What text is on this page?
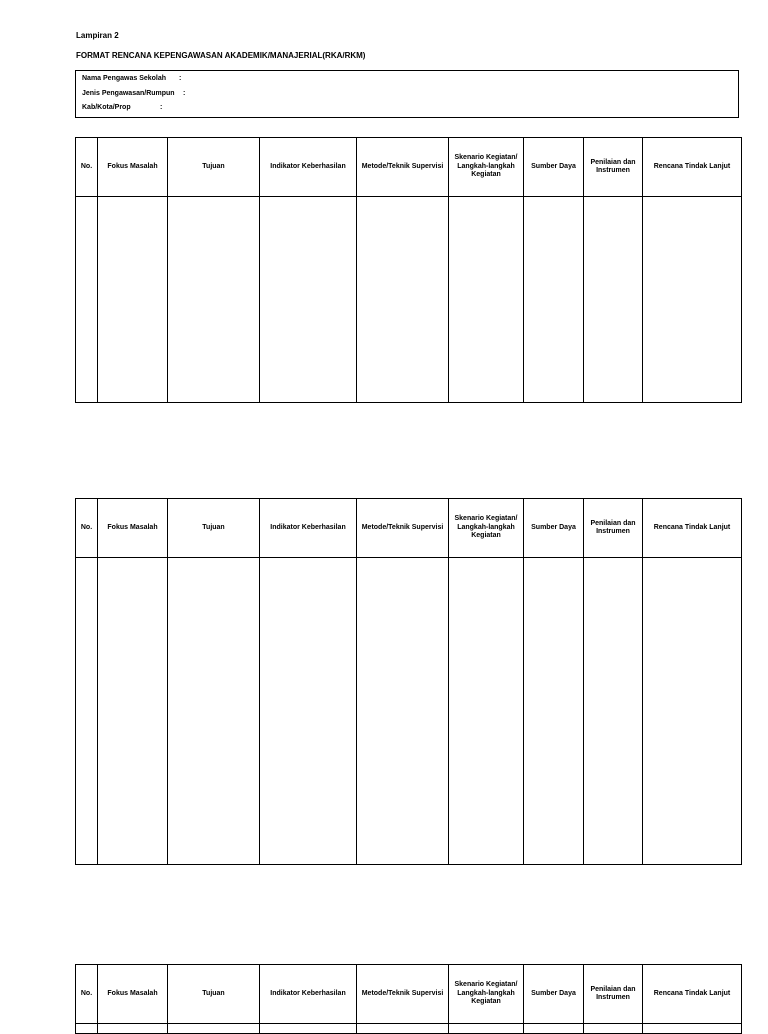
Lampiran 2
FORMAT RENCANA KEPENGAWASAN AKADEMIK/MANAJERIAL(RKA/RKM)
Nama Pengawas Sekolah :
Jenis Pengawasan/Rumpun :
Kab/Kota/Prop	:
No.	Fokus Masalah	Tujuan	Indikator Keberhasilan	Metode/Teknik Supervisi	Skenario Kegiatan/ Langkah-langkah Kegiatan	Sumber Daya	Penilaian dan Instrumen	Rencana Tindak Lanjut

No.	Fokus Masalah	Tujuan	Indikator Keberhasilan	Metode/Teknik Supervisi	Skenario Kegiatan/ Langkah-langkah Kegiatan	Sumber Daya	Penilaian dan Instrumen	Rencana Tindak Lanjut

No.	Fokus Masalah	Tujuan	Indikator Keberhasilan	Metode/Teknik Supervisi	Skenario Kegiatan/ Langkah-langkah Kegiatan	Sumber Daya	Penilaian dan Instrumen	Rencana Tindak Lanjut
